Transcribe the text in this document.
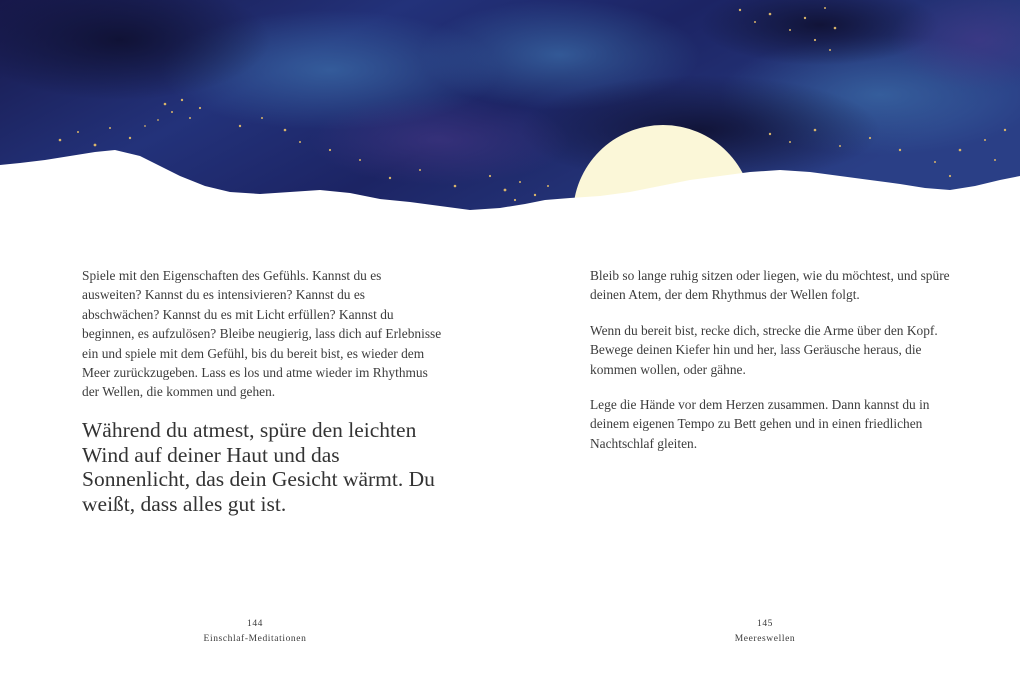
Spiele mit den Eigenschaften des Gefühls. Kannst du es ausweiten? Kannst du es intensivieren? Kannst du es abschwächen? Kannst du es mit Licht erfüllen? Kannst du beginnen, es aufzulösen? Bleibe neugierig, lass dich auf Erlebnisse ein und spiele mit dem Gefühl, bis du bereit bist, es wieder dem Meer zurückzugeben. Lass es los und atme wieder im Rhythmus der Wellen, die kommen und gehen.

Während du atmest, spüre den leichten Wind auf deiner Haut und das Sonnenlicht, das dein Gesicht wärmt. Du weißt, dass alles gut ist.

144
Einschlaf-Meditationen

Bleib so lange ruhig sitzen oder liegen, wie du möchtest, und spüre deinen Atem, der dem Rhythmus der Wellen folgt.

Wenn du bereit bist, recke dich, strecke die Arme über den Kopf. Bewege deinen Kiefer hin und her, lass Geräusche heraus, die kommen wollen, oder gähne.

Lege die Hände vor dem Herzen zusammen. Dann kannst du in deinem eigenen Tempo zu Bett gehen und in einen friedlichen Nachtschlaf gleiten.

145
Meereswellen
